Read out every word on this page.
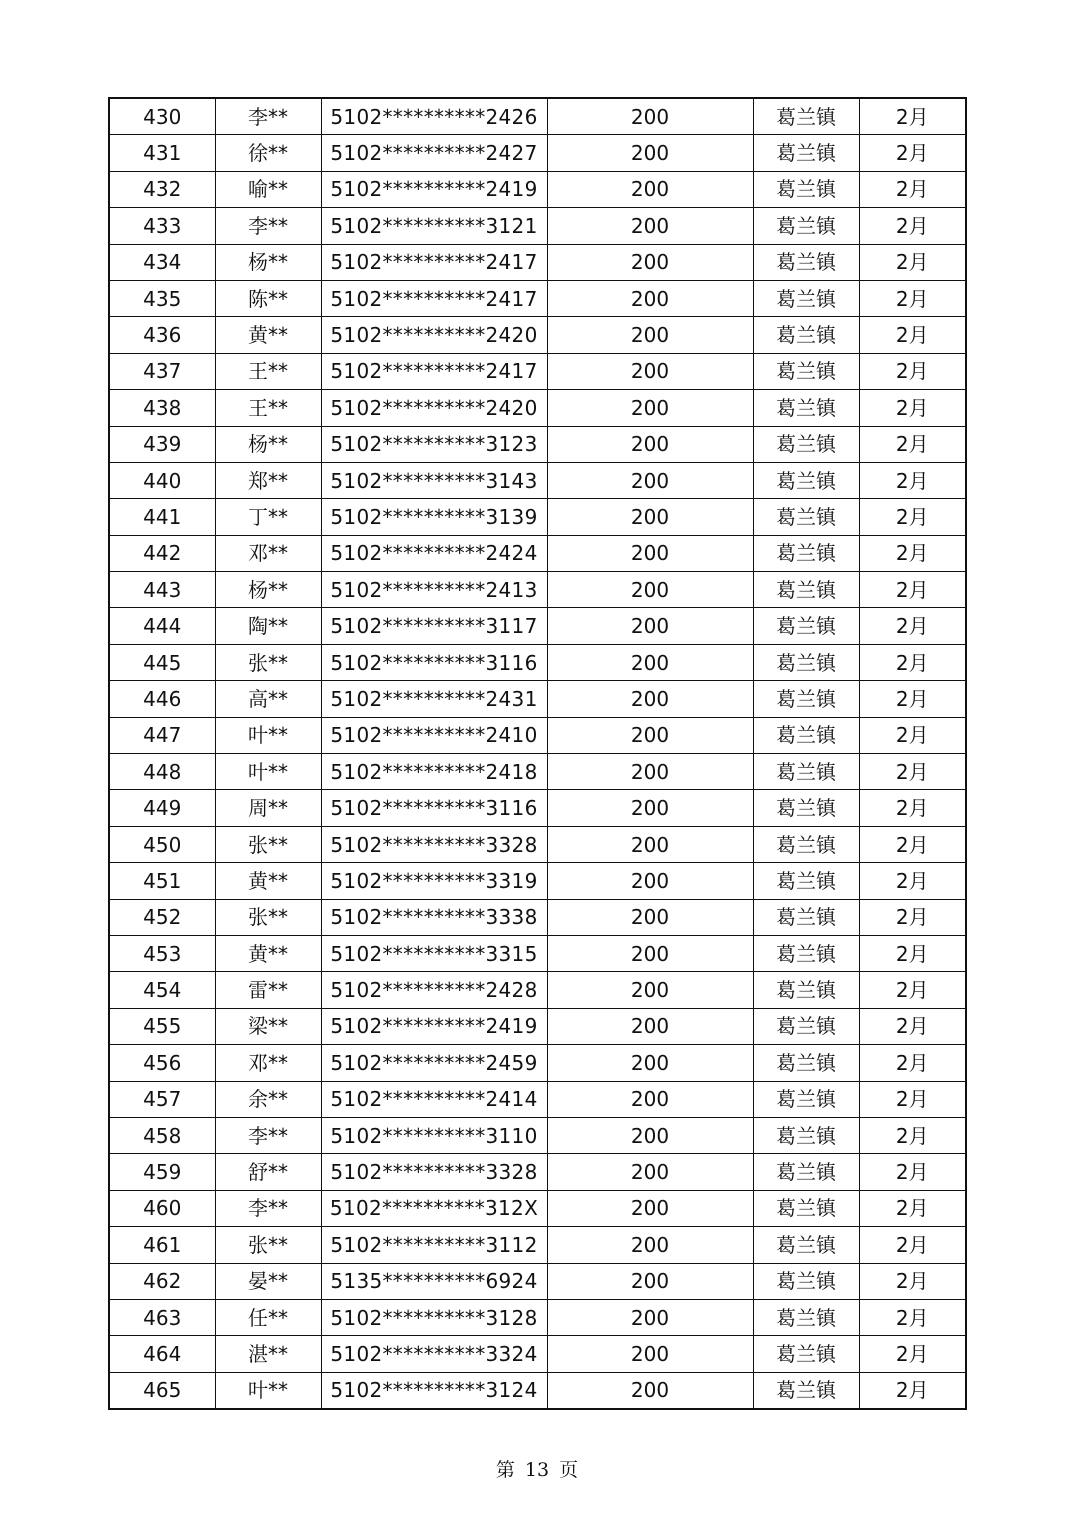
430	李**	5102**********2426	200	葛兰镇	2月
431	徐**	5102**********2427	200	葛兰镇	2月
432	喻**	5102**********2419	200	葛兰镇	2月
433	李**	5102**********3121	200	葛兰镇	2月
434	杨**	5102**********2417	200	葛兰镇	2月
435	陈**	5102**********2417	200	葛兰镇	2月
436	黄**	5102**********2420	200	葛兰镇	2月
437	王**	5102**********2417	200	葛兰镇	2月
438	王**	5102**********2420	200	葛兰镇	2月
439	杨**	5102**********3123	200	葛兰镇	2月
440	郑**	5102**********3143	200	葛兰镇	2月
441	丁**	5102**********3139	200	葛兰镇	2月
442	邓**	5102**********2424	200	葛兰镇	2月
443	杨**	5102**********2413	200	葛兰镇	2月
444	陶**	5102**********3117	200	葛兰镇	2月
445	张**	5102**********3116	200	葛兰镇	2月
446	高**	5102**********2431	200	葛兰镇	2月
447	叶**	5102**********2410	200	葛兰镇	2月
448	叶**	5102**********2418	200	葛兰镇	2月
449	周**	5102**********3116	200	葛兰镇	2月
450	张**	5102**********3328	200	葛兰镇	2月
451	黄**	5102**********3319	200	葛兰镇	2月
452	张**	5102**********3338	200	葛兰镇	2月
453	黄**	5102**********3315	200	葛兰镇	2月
454	雷**	5102**********2428	200	葛兰镇	2月
455	梁**	5102**********2419	200	葛兰镇	2月
456	邓**	5102**********2459	200	葛兰镇	2月
457	余**	5102**********2414	200	葛兰镇	2月
458	李**	5102**********3110	200	葛兰镇	2月
459	舒**	5102**********3328	200	葛兰镇	2月
460	李**	5102**********312X	200	葛兰镇	2月
461	张**	5102**********3112	200	葛兰镇	2月
462	晏**	5135**********6924	200	葛兰镇	2月
463	任**	5102**********3128	200	葛兰镇	2月
464	湛**	5102**********3324	200	葛兰镇	2月
465	叶**	5102**********3124	200	葛兰镇	2月
第 13 页
